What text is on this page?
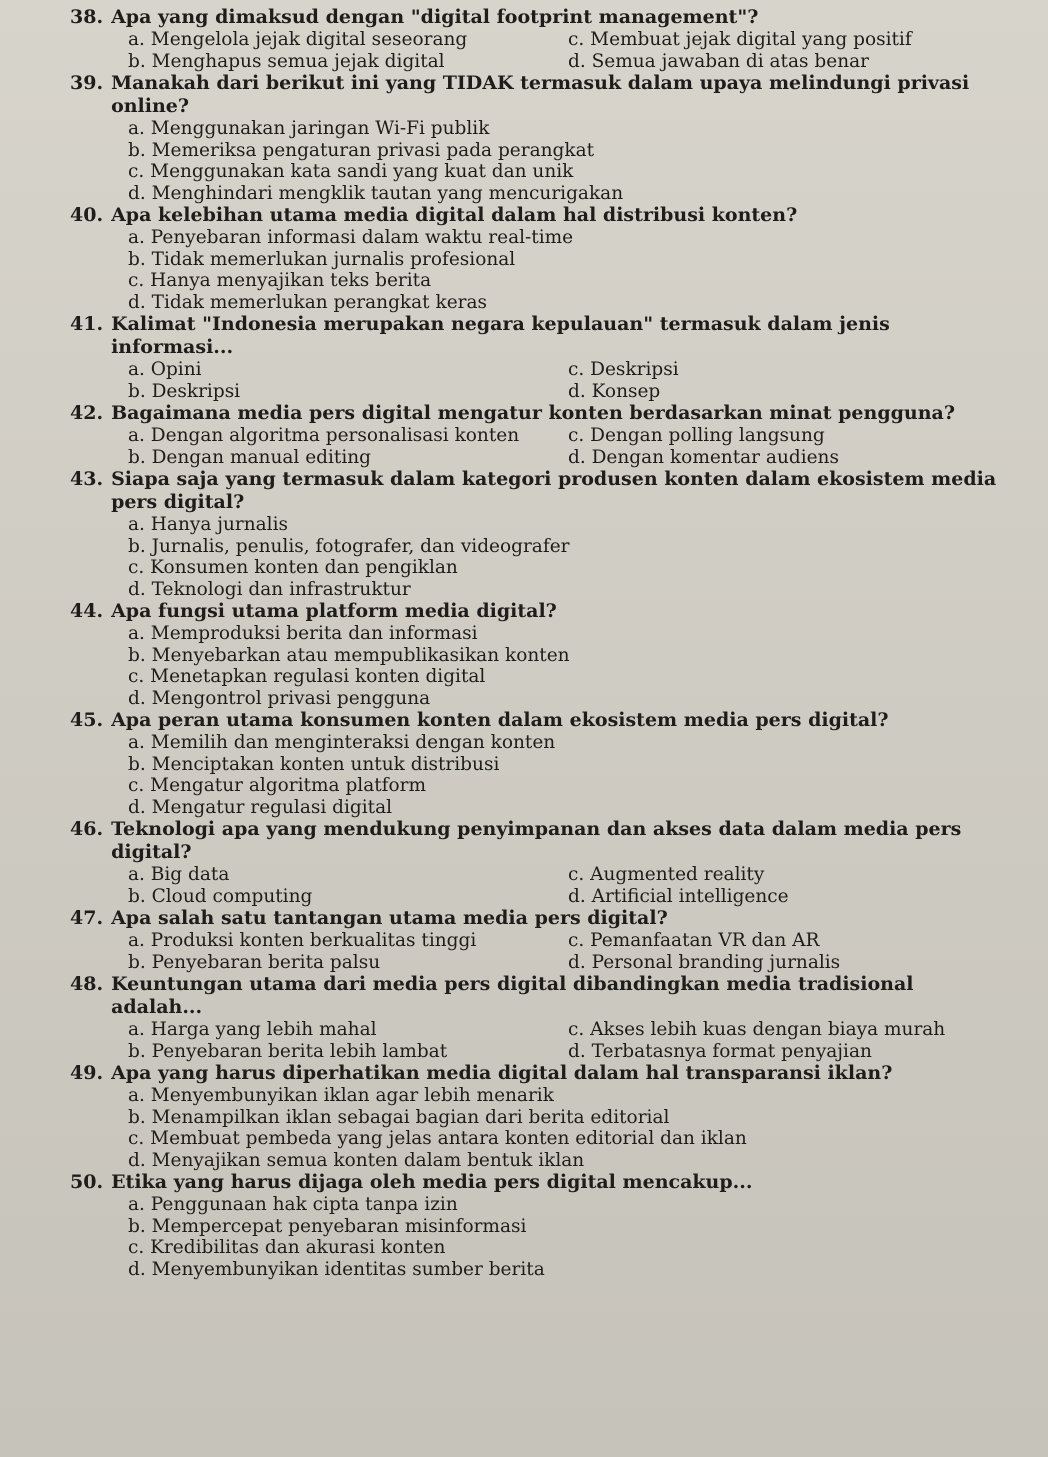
38. Apa yang dimaksud dengan "digital footprint management"?
a. Mengelola jejak digital seseorang	c. Membuat jejak digital yang positif
b. Menghapus semua jejak digital	d. Semua jawaban di atas benar
39. Manakah dari berikut ini yang TIDAK termasuk dalam upaya melindungi privasi online?
a. Menggunakan jaringan Wi-Fi publik
b. Memeriksa pengaturan privasi pada perangkat
c. Menggunakan kata sandi yang kuat dan unik
d. Menghindari mengklik tautan yang mencurigakan
40. Apa kelebihan utama media digital dalam hal distribusi konten?
a. Penyebaran informasi dalam waktu real-time
b. Tidak memerlukan jurnalis profesional
c. Hanya menyajikan teks berita
d. Tidak memerlukan perangkat keras
41. Kalimat "Indonesia merupakan negara kepulauan" termasuk dalam jenis informasi...
a. Opini	c. Deskripsi
b. Deskripsi	d. Konsep
42. Bagaimana media pers digital mengatur konten berdasarkan minat pengguna?
a. Dengan algoritma personalisasi konten	c. Dengan polling langsung
b. Dengan manual editing	d. Dengan komentar audiens
43. Siapa saja yang termasuk dalam kategori produsen konten dalam ekosistem media pers digital?
a. Hanya jurnalis
b. Jurnalis, penulis, fotografer, dan videografer
c. Konsumen konten dan pengiklan
d. Teknologi dan infrastruktur
44. Apa fungsi utama platform media digital?
a. Memproduksi berita dan informasi
b. Menyebarkan atau mempublikasikan konten
c. Menetapkan regulasi konten digital
d. Mengontrol privasi pengguna
45. Apa peran utama konsumen konten dalam ekosistem media pers digital?
a. Memilih dan menginteraksi dengan konten
b. Menciptakan konten untuk distribusi
c. Mengatur algoritma platform
d. Mengatur regulasi digital
46. Teknologi apa yang mendukung penyimpanan dan akses data dalam media pers digital?
a. Big data	c. Augmented reality
b. Cloud computing	d. Artificial intelligence
47. Apa salah satu tantangan utama media pers digital?
a. Produksi konten berkualitas tinggi	c. Pemanfaatan VR dan AR
b. Penyebaran berita palsu	d. Personal branding jurnalis
48. Keuntungan utama dari media pers digital dibandingkan media tradisional adalah...
a. Harga yang lebih mahal	c. Akses lebih kuas dengan biaya murah
b. Penyebaran berita lebih lambat	d. Terbatasnya format penyajian
49. Apa yang harus diperhatikan media digital dalam hal transparansi iklan?
a. Menyembunyikan iklan agar lebih menarik
b. Menampilkan iklan sebagai bagian dari berita editorial
c. Membuat pembeda yang jelas antara konten editorial dan iklan
d. Menyajikan semua konten dalam bentuk iklan
50. Etika yang harus dijaga oleh media pers digital mencakup...
a. Penggunaan hak cipta tanpa izin
b. Mempercepat penyebaran misinformasi
c. Kredibilitas dan akurasi konten
d. Menyembunyikan identitas sumber berita
